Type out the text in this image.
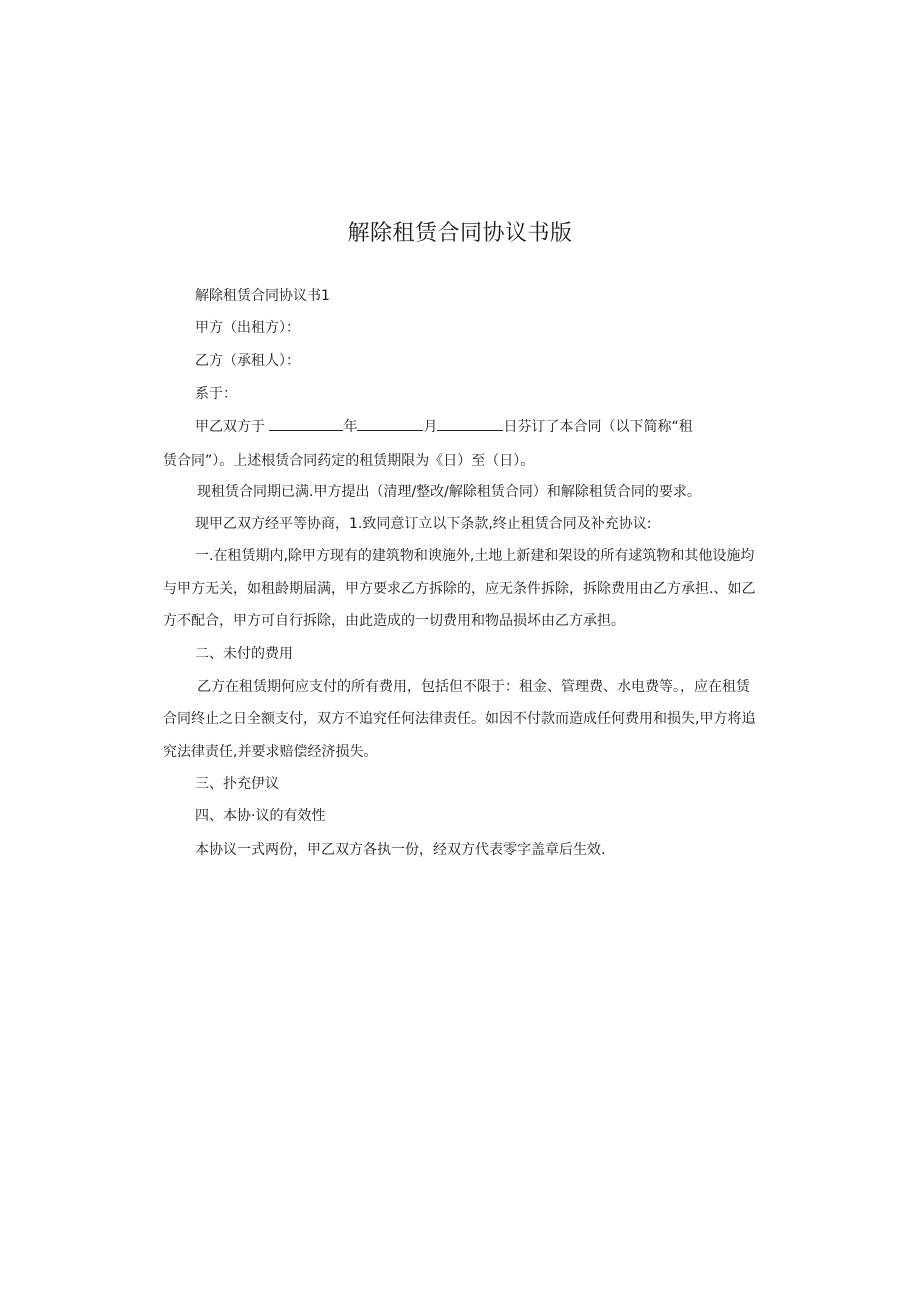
解除租赁合同协议书版
解除租赁合同协议书1
甲方（出租方）：
乙方（承租人）：
系于：
甲乙双方于	年	月	日芬订了本合同（以下简称“租
赁合同”）。上述根赁合同药定的租赁期限为《日）至（日）。
现租赁合同期已满.甲方提出（清理/整改/解除租赁合同）和解除租赁合同的要求。
现甲乙双方经平等协商，1.致同意订立以下条款,终止租赁合同及补充协议:
一.在租赁期内,除甲方现有的建筑物和谀施外,土地上新建和架设的所有逑筑物和其他设施均
与甲方无关，如租龄期届满，甲方要求乙方拆除的，应无条件拆除，拆除费用由乙方承担.、如乙
方不配合，甲方可自行拆除，由此造成的一切费用和物品损坏由乙方承担。
二、未付的费用
乙方在租赁期何应支付的所有费用，包括但不限于：租金、管理费、水电费等。，应在租赁
合同终止之日全额支付，双方不追究任何法律责任。如因不付款而造成任何费用和损失,甲方将追
究法律责任,并要求赔偿经济损失。
三、扑充伊议
四、本协·议的有效性
本协议一式两份，甲乙双方各执一份，经双方代表零字盖章后生效.
